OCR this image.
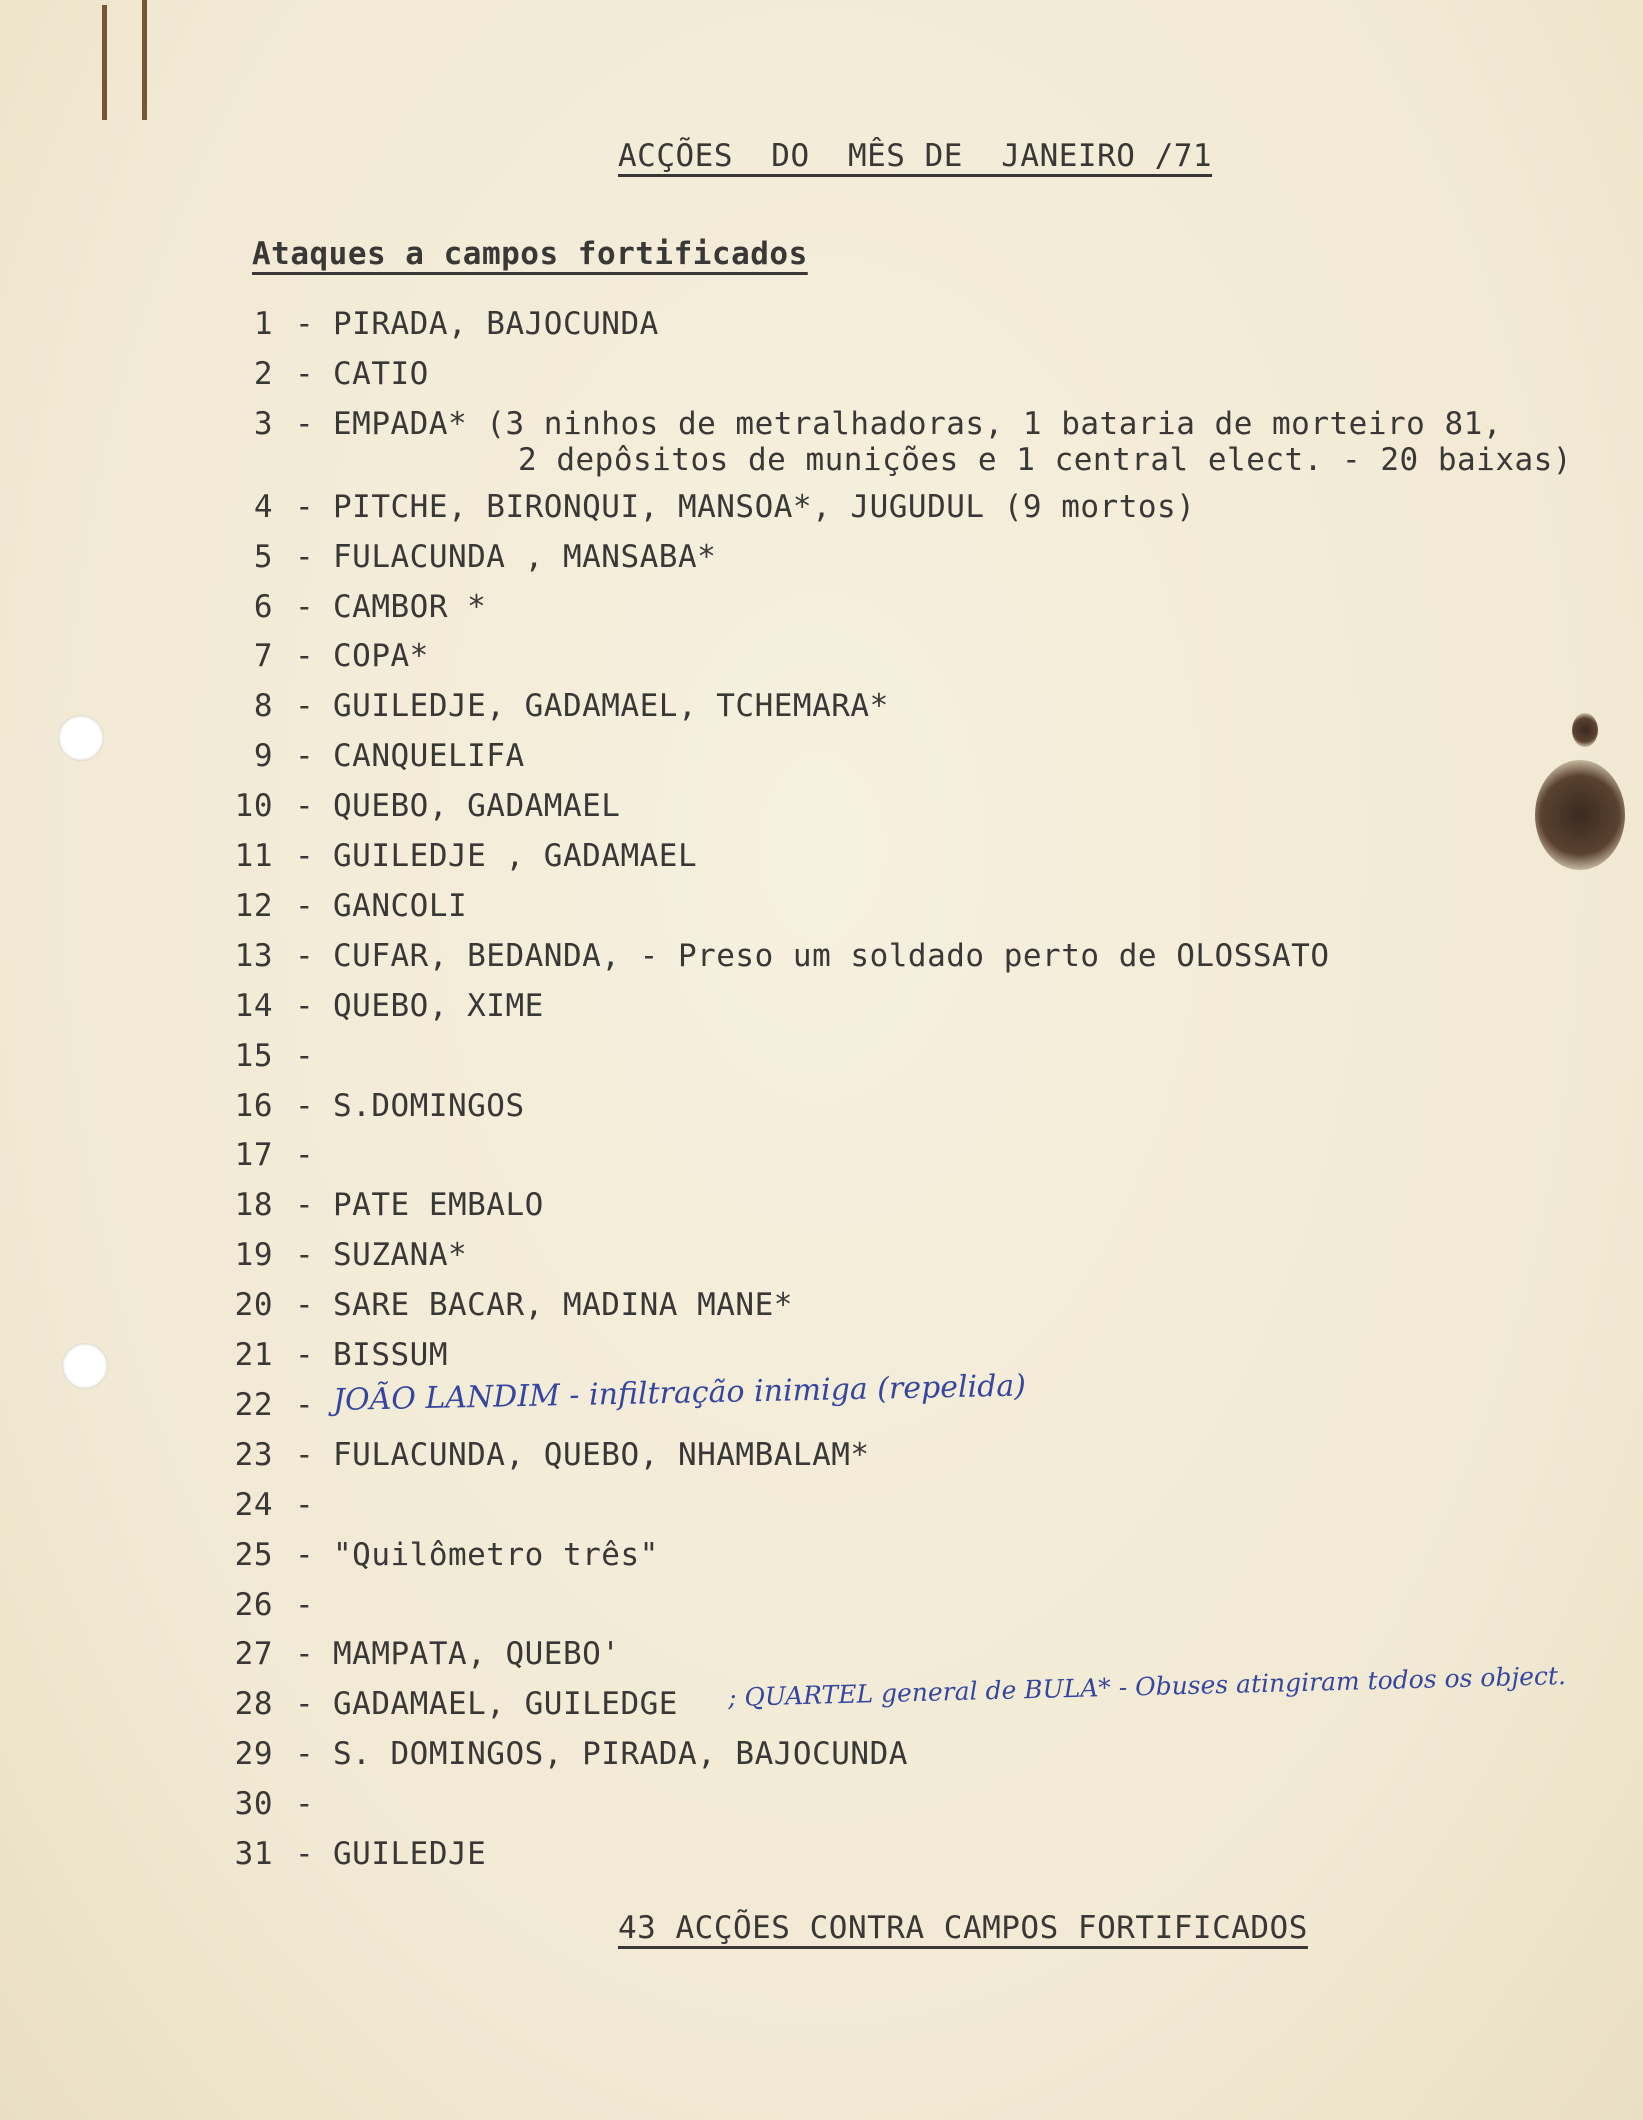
ACÇÕES  DO  MÊS DE  JANEIRO /71
Ataques a campos fortificados
1 - PIRADA, BAJOCUNDA
2 - CATIO
3 - EMPADA* (3 ninhos de metralhadoras, 1 bataria de morteiro 81,
2 depôsitos de munições e 1 central elect. - 20 baixas)
4 - PITCHE, BIRONQUI, MANSOA*, JUGUDUL (9 mortos)
5 - FULACUNDA , MANSABA*
6 - CAMBOR *
7 - COPA*
8 - GUILEDJE, GADAMAEL, TCHEMARA*
9 - CANQUELIFA
10 - QUEBO, GADAMAEL
11 - GUILEDJE , GADAMAEL
12 - GANCOLI
13 - CUFAR, BEDANDA, - Preso um soldado perto de OLOSSATO
14 - QUEBO, XIME
15 -
16 - S.DOMINGOS
17 -
18 - PATE EMBALO
19 - SUZANA*
20 - SARE BACAR, MADINA MANE*
21 - BISSUM
22 -
23 - FULACUNDA, QUEBO, NHAMBALAM*
24 -
25 - "Quilômetro três"
26 -
27 - MAMPATA, QUEBO'
28 - GADAMAEL, GUILEDGE
29 - S. DOMINGOS, PIRADA, BAJOCUNDA
30 -
31 - GUILEDJE
JOÃO LANDIM - infiltração inimiga (repelida)
; QUARTEL general de BULA* - Obuses atingiram todos os object.
43 ACÇÕES CONTRA CAMPOS FORTIFICADOS
